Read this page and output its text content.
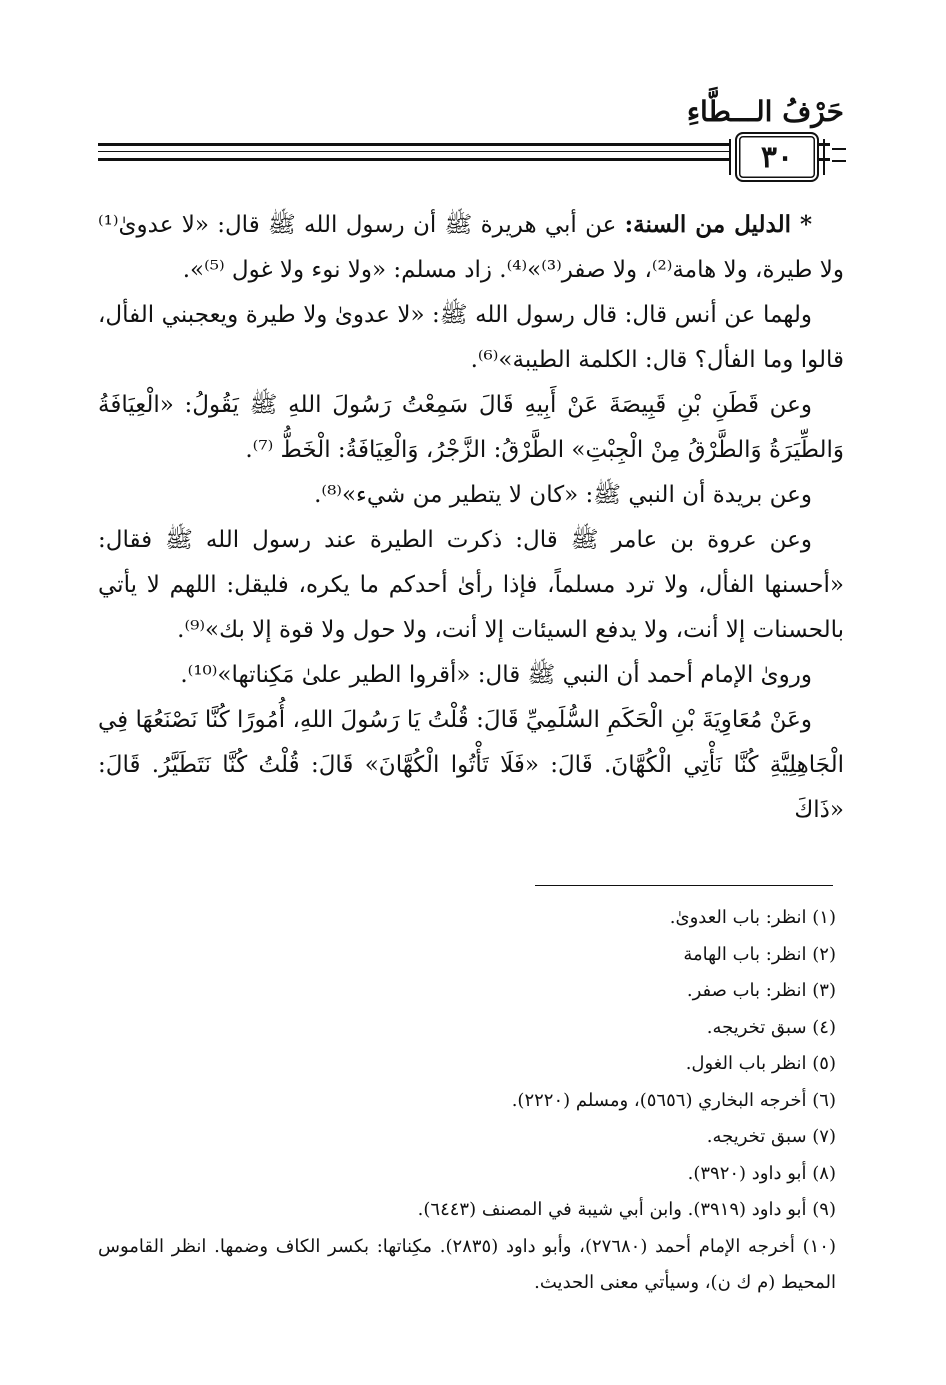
حَرْفُ الـــطَّاءِ
٣٠

* الدليل من السنة: عن أبي هريرة ﷺ أن رسول الله ﷺ قال: «لا عدوىٰ⁽¹⁾ ولا طيرة، ولا هامة⁽²⁾، ولا صفر⁽³⁾»⁽⁴⁾. زاد مسلم: «ولا نوء ولا غول ⁽⁵⁾».

ولهما عن أنس قال: قال رسول الله ﷺ: «لا عدوىٰ ولا طيرة ويعجبني الفأل، قالوا وما الفأل؟ قال: الكلمة الطيبة»⁽⁶⁾.

وعن قَطَنِ بْنِ قَبِيصَةَ عَنْ أَبِيهِ قَالَ سَمِعْتُ رَسُولَ اللهِ ﷺ يَقُولُ: «الْعِيَافَةُ وَالطِّيَرَةُ وَالطَّرْقُ مِنْ الْجِبْتِ» الطَّرْقُ: الزَّجْرُ، وَالْعِيَافَةُ: الْخَطُّ ⁽⁷⁾.

وعن بريدة أن النبي ﷺ: «كان لا يتطير من شيء»⁽⁸⁾.

وعن عروة بن عامر ﷺ قال: ذكرت الطيرة عند رسول الله ﷺ فقال: «أحسنها الفأل، ولا ترد مسلماً، فإذا رأىٰ أحدكم ما يكره، فليقل: اللهم لا يأتي بالحسنات إلا أنت، ولا يدفع السيئات إلا أنت، ولا حول ولا قوة إلا بك»⁽⁹⁾.

وروىٰ الإمام أحمد أن النبي ﷺ قال: «أقروا الطير علىٰ مَكِناتها»⁽¹⁰⁾.

وعَنْ مُعَاوِيَةَ بْنِ الْحَكَمِ السُّلَمِيِّ قَالَ: قُلْتُ يَا رَسُولَ اللهِ، أُمُورًا كُنَّا نَصْنَعُهَا فِي الْجَاهِلِيَّةِ كُنَّا نَأْتِي الْكُهَّانَ. قَالَ: «فَلَا تَأْتُوا الْكُهَّانَ» قَالَ: قُلْتُ كُنَّا نَتَطَيَّرُ. قَالَ: «ذَاكَ

(١) انظر: باب العدوىٰ.

(٢) انظر: باب الهامة

(٣) انظر: باب صفر.

(٤) سبق تخريجه.

(٥) انظر باب الغول.

(٦) أخرجه البخاري (٥٦٥٦)، ومسلم (٢٢٢٠).

(٧) سبق تخريجه.

(٨) أبو داود (٣٩٢٠).

(٩) أبو داود (٣٩١٩). وابن أبي شيبة في المصنف (٦٤٤٣).

(١٠) أخرجه الإمام أحمد (٢٧٦٨٠)، وأبو داود (٢٨٣٥). مكِناتها: بكسر الكاف وضمها. انظر القاموس المحيط (م ك ن)، وسيأتي معنى الحديث.
